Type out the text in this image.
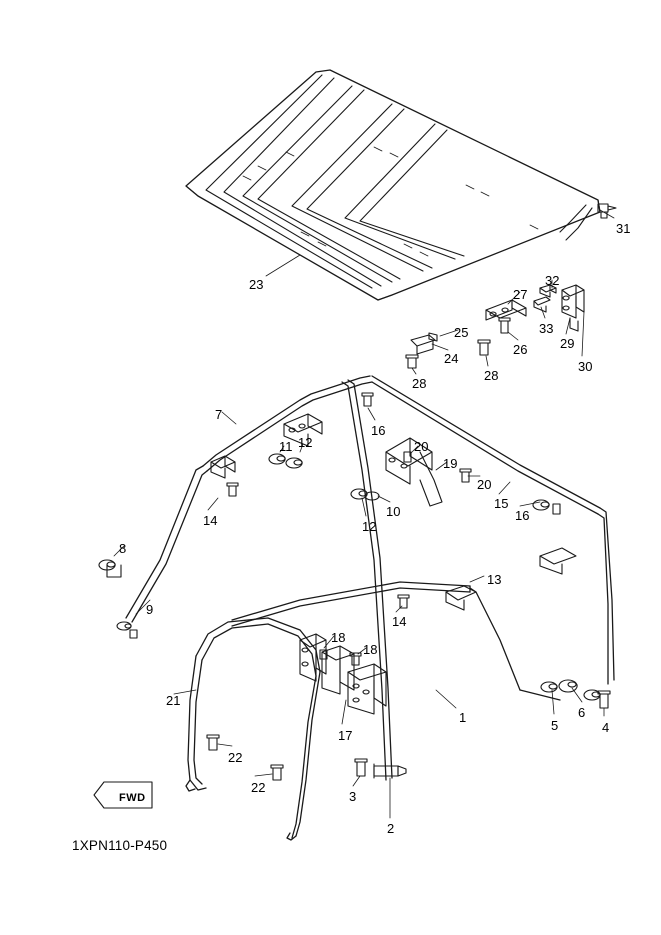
31
23	32
27
33
29
30
26
25
24
28
28
7
16
11 12	20
19
20
15
16
10
12
14
8
9
13
14
18
18
21
17
1
5
6
4
22
22
3
2
FWD
1XPN110-P450
